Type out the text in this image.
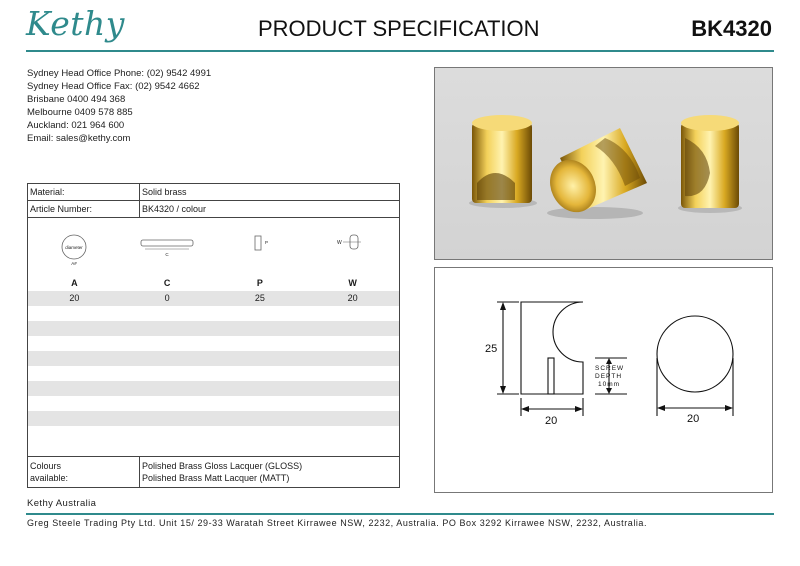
Kethy	PRODUCT SPECIFICATION	BK4320
Sydney Head Office Phone: (02) 9542 4991
Sydney Head Office Fax: (02) 9542 4662
Brisbane 0400 494 368
Melbourne 0409 578 885
Auckland: 021 964 600
Email: sales@kethy.com
25
20	20
SCREW
DEPTH
10mm
Material:	Solid brass
Article Number:	BK4320 / colour
diameter
A#
C
P	W
A	C	P	W
20	0	25	20
Colours
available:
Polished Brass Gloss Lacquer (GLOSS)
Polished Brass Matt Lacquer (MATT)
Kethy Australia
Greg Steele Trading Pty Ltd. Unit 15/ 29-33 Waratah Street Kirrawee NSW, 2232, Australia. PO Box 3292 Kirrawee NSW, 2232, Australia.
